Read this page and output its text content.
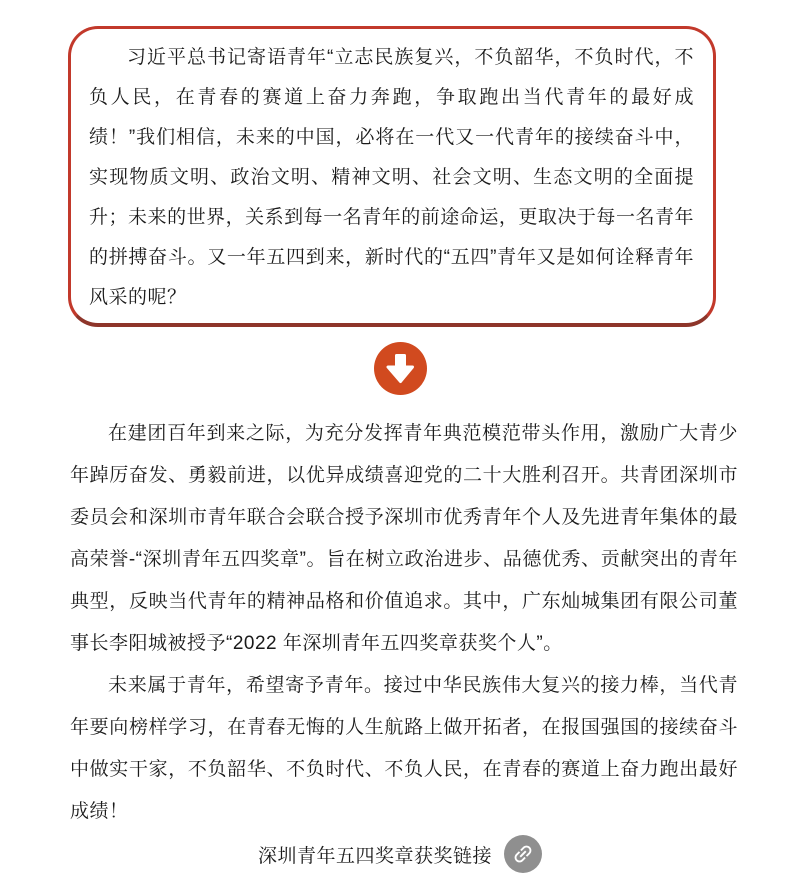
习近平总书记寄语青年“立志民族复兴，不负韶华，不负时代，不负人民，在青春的赛道上奋力奔跑，争取跑出当代青年的最好成绩！”我们相信，未来的中国，必将在一代又一代青年的接续奋斗中，实现物质文明、政治文明、精神文明、社会文明、生态文明的全面提升；未来的世界，关系到每一名青年的前途命运，更取决于每一名青年的拼搏奋斗。又一年五四到来，新时代的“五四”青年又是如何诠释青年风采的呢？

在建团百年到来之际，为充分发挥青年典范模范带头作用，激励广大青少年踔厉奋发、勇毅前进，以优异成绩喜迎党的二十大胜利召开。共青团深圳市委员会和深圳市青年联合会联合授予深圳市优秀青年个人及先进青年集体的最高荣誉-“深圳青年五四奖章”。旨在树立政治进步、品德优秀、贡献突出的青年典型，反映当代青年的精神品格和价值追求。其中，广东灿城集团有限公司董事长李阳城被授予“2022 年深圳青年五四奖章获奖个人”。

未来属于青年，希望寄予青年。接过中华民族伟大复兴的接力棒，当代青年要向榜样学习，在青春无悔的人生航路上做开拓者，在报国强国的接续奋斗中做实干家，不负韶华、不负时代、不负人民，在青春的赛道上奋力跑出最好成绩！

深圳青年五四奖章获奖链接
